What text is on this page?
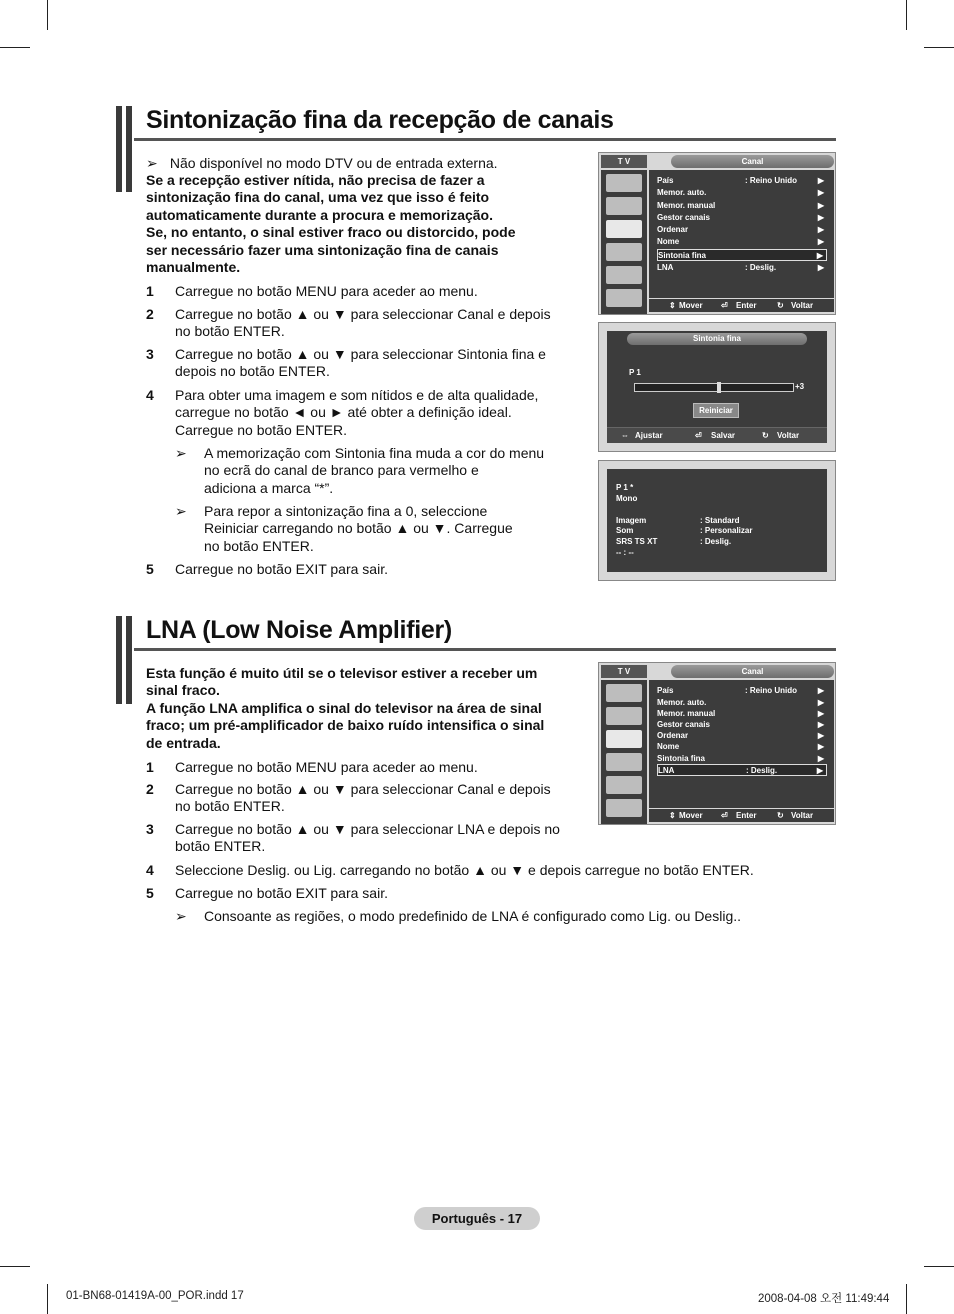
Sintonização fina da recepção de canais
➢ Não disponível no modo DTV ou de entrada externa.
Se a recepção estiver nítida, não precisa de fazer a
sintonização fina do canal, uma vez que isso é feito
automaticamente durante a procura e memorização.
Se, no entanto, o sinal estiver fraco ou distorcido, pode
ser necessário fazer uma sintonização fina de canais
manualmente.
1 Carregue no botão MENU para aceder ao menu.
2 Carregue no botão ▲ ou ▼ para seleccionar Canal e depois
no botão ENTER.
3 Carregue no botão ▲ ou ▼ para seleccionar Sintonia fina e
depois no botão ENTER.
4 Para obter uma imagem e som nítidos e de alta qualidade,
carregue no botão ◄ ou ► até obter a definição ideal.
Carregue no botão ENTER.
➢	A memorização com Sintonia fina muda a cor do menu
no ecrã do canal de branco para vermelho e
adiciona a marca “*”.
➢	Para repor a sintonização fina a 0, seleccione
Reiniciar carregando no botão ▲ ou ▼. Carregue
no botão ENTER.
5 Carregue no botão EXIT para sair.
T V	Canal
País	: Reino Unido	▶
Memor. auto.	▶
Memor. manual	▶
Gestor canais	▶
Ordenar	▶
Nome	▶
Sintonia fina	▶
LNA	: Deslig.	▶
⇕ Mover ⏎ Enter	↻ Voltar
Sintonia fina
P 1
+3
Reiniciar
⇔ Ajustar	⏎ Salvar	↻ Voltar
P 1 *
Mono
Imagem	: Standard
Som	: Personalizar
SRS TS XT	: Deslig.
-- : --
LNA (Low Noise Amplifier)
Esta função é muito útil se o televisor estiver a receber um
sinal fraco.
A função LNA amplifica o sinal do televisor na área de sinal
fraco; um pré-amplificador de baixo ruído intensifica o sinal
de entrada.
1 Carregue no botão MENU para aceder ao menu.
2 Carregue no botão ▲ ou ▼ para seleccionar Canal e depois
no botão ENTER.
3 Carregue no botão ▲ ou ▼ para seleccionar LNA e depois no
botão ENTER.
4 Seleccione Deslig. ou Lig. carregando no botão ▲ ou ▼ e depois carregue no botão ENTER.
5 Carregue no botão EXIT para sair.
➢	Consoante as regiões, o modo predefinido de LNA é configurado como Lig. ou Deslig..
T V	Canal
País	: Reino Unido	▶
Memor. auto.	▶
Memor. manual	▶
Gestor canais	▶
Ordenar	▶
Nome	▶
Sintonia fina	▶
LNA	: Deslig.	▶
⇕ Mover ⏎ Enter	↻ Voltar
Português - 17
01-BN68-01419A-00_POR.indd 17	2008-04-08 오전 11:49:44
